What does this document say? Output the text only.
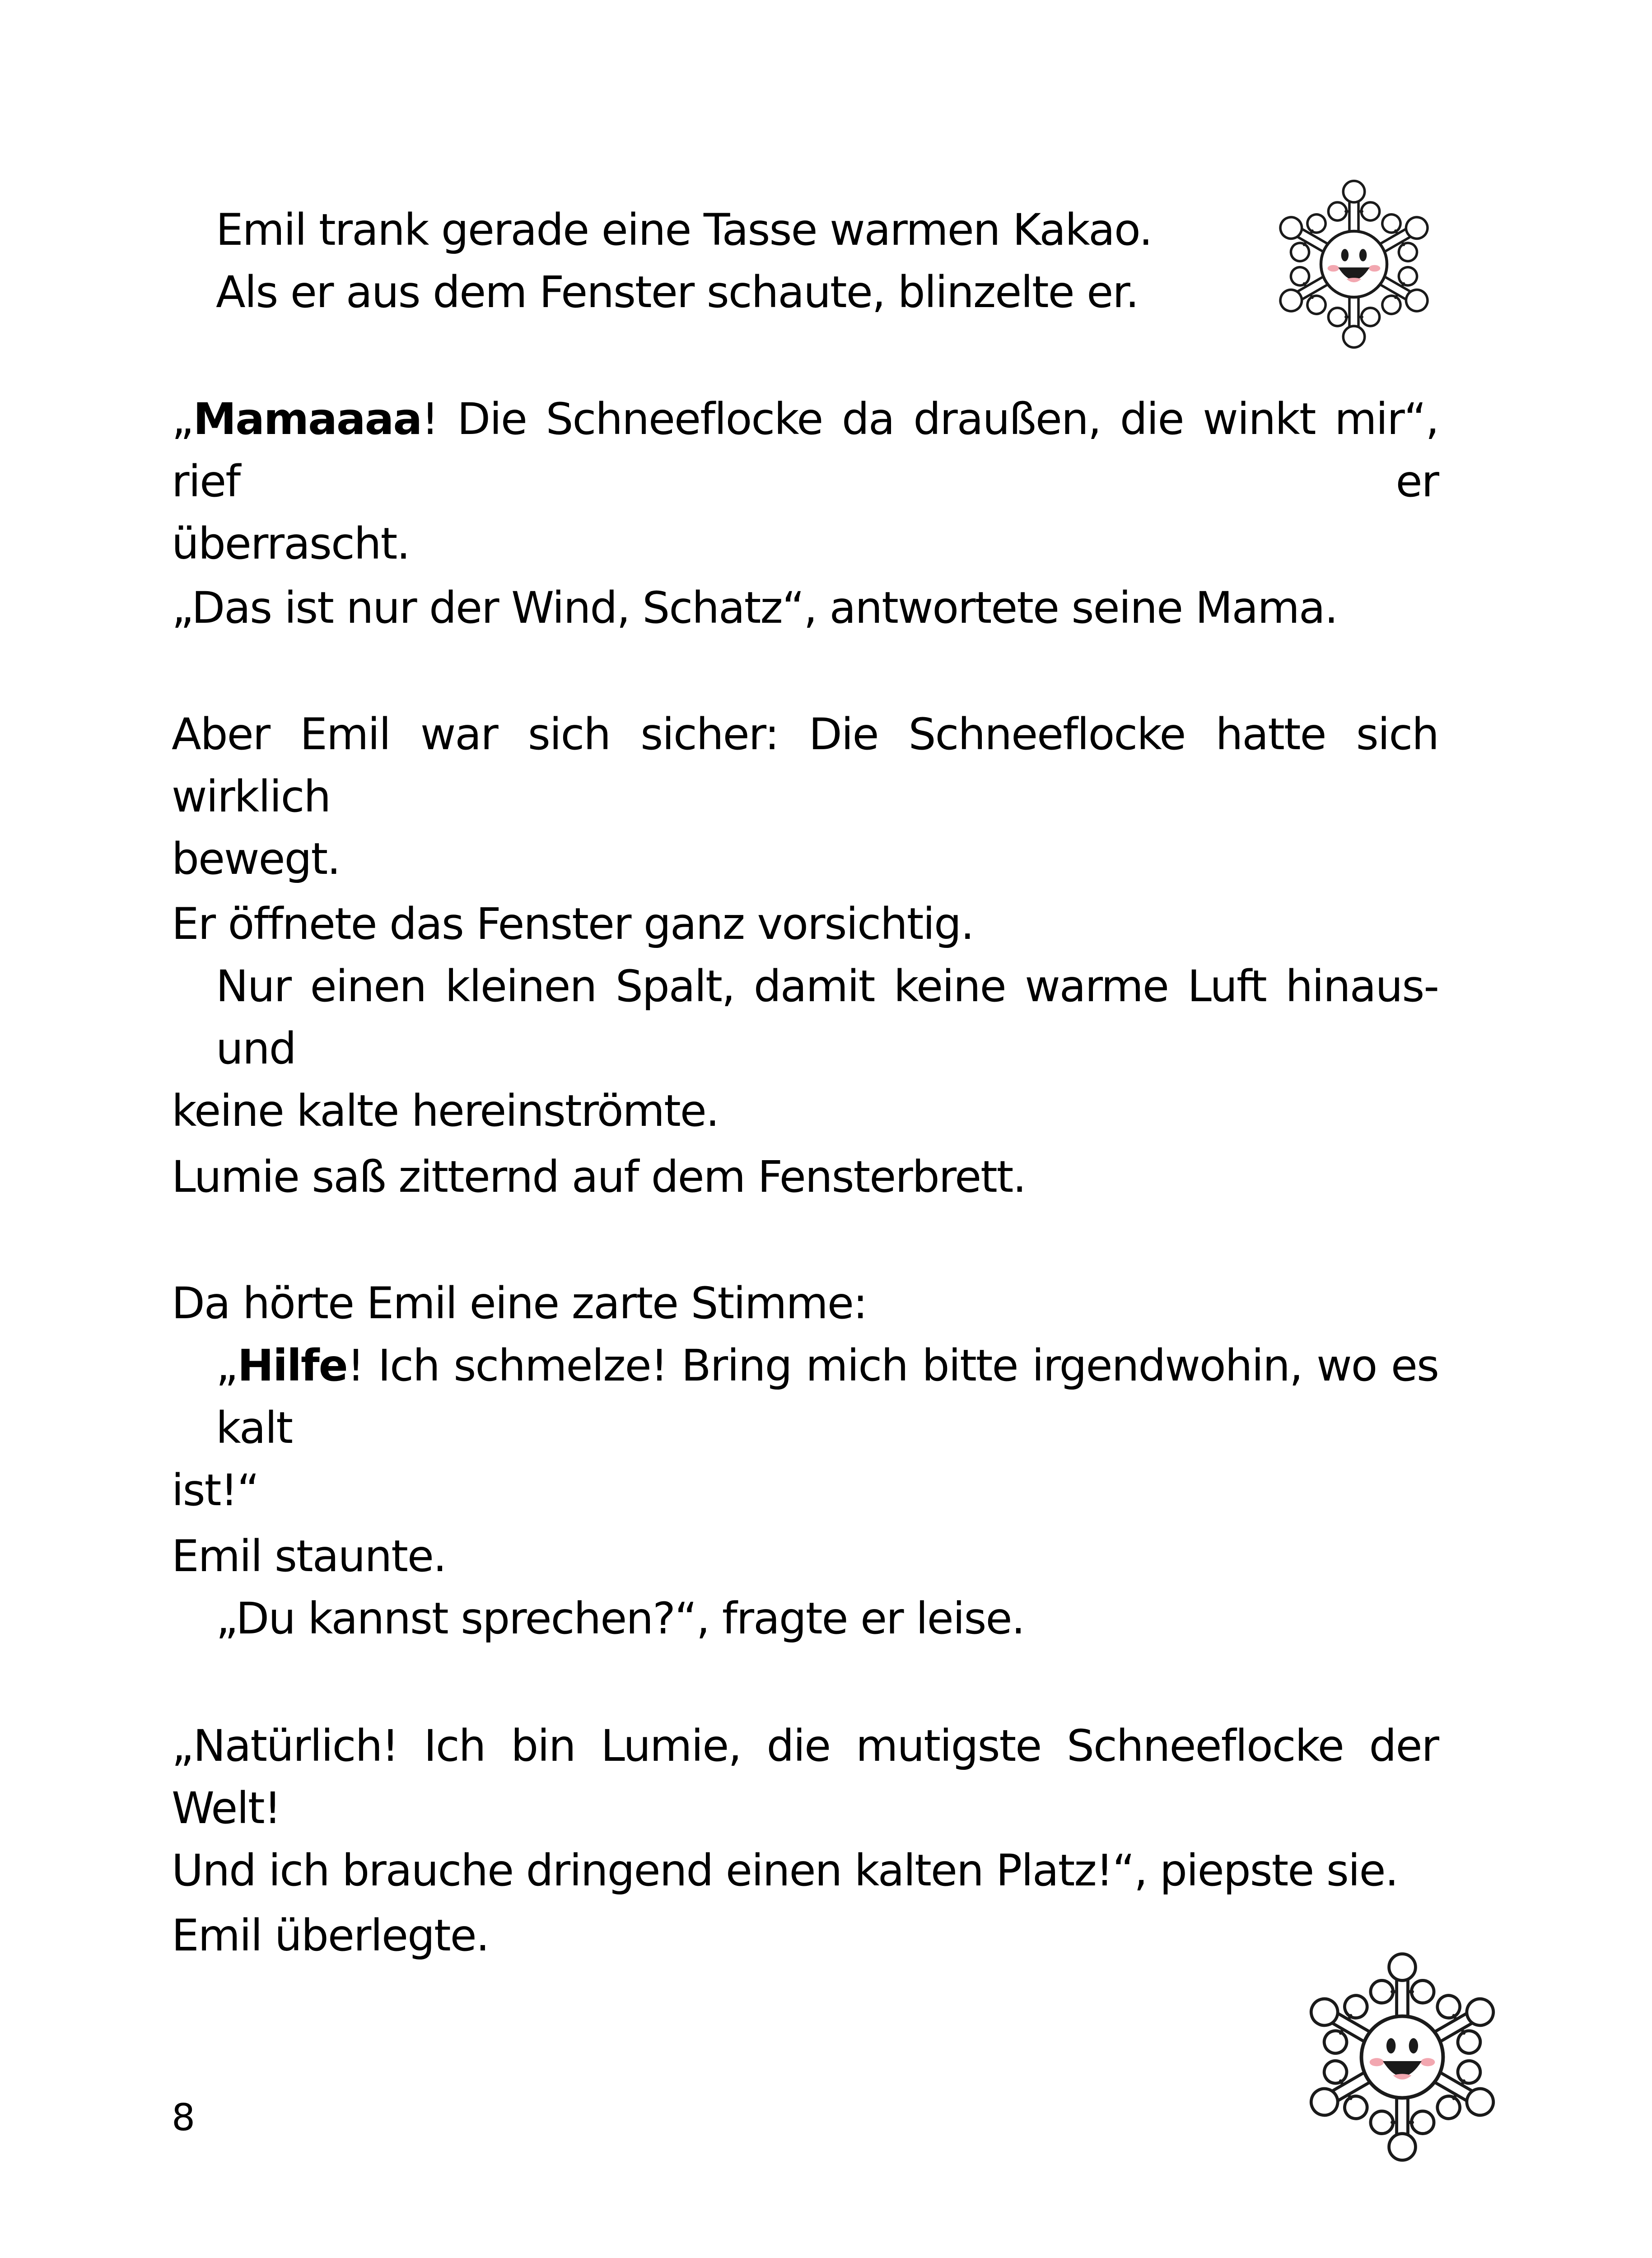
Emil trank gerade eine Tasse warmen Kakao.
Als er aus dem Fenster schaute, blinzelte er.
„Mamaaaa! Die Schneeflocke da draußen, die winkt mir“, rief er
überrascht.
„Das ist nur der Wind, Schatz“, antwortete seine Mama.
Aber Emil war sich sicher: Die Schneeflocke hatte sich wirklich
bewegt.
Er öffnete das Fenster ganz vorsichtig.
Nur einen kleinen Spalt, damit keine warme Luft hinaus- und
keine kalte hereinströmte.
Lumie saß zitternd auf dem Fensterbrett.
Da hörte Emil eine zarte Stimme:
„Hilfe! Ich schmelze! Bring mich bitte irgendwohin, wo es kalt
ist!“
Emil staunte.
„Du kannst sprechen?“, fragte er leise.
„Natürlich! Ich bin Lumie, die mutigste Schneeflocke der Welt!
Und ich brauche dringend einen kalten Platz!“, piepste sie.
Emil überlegte.
8
